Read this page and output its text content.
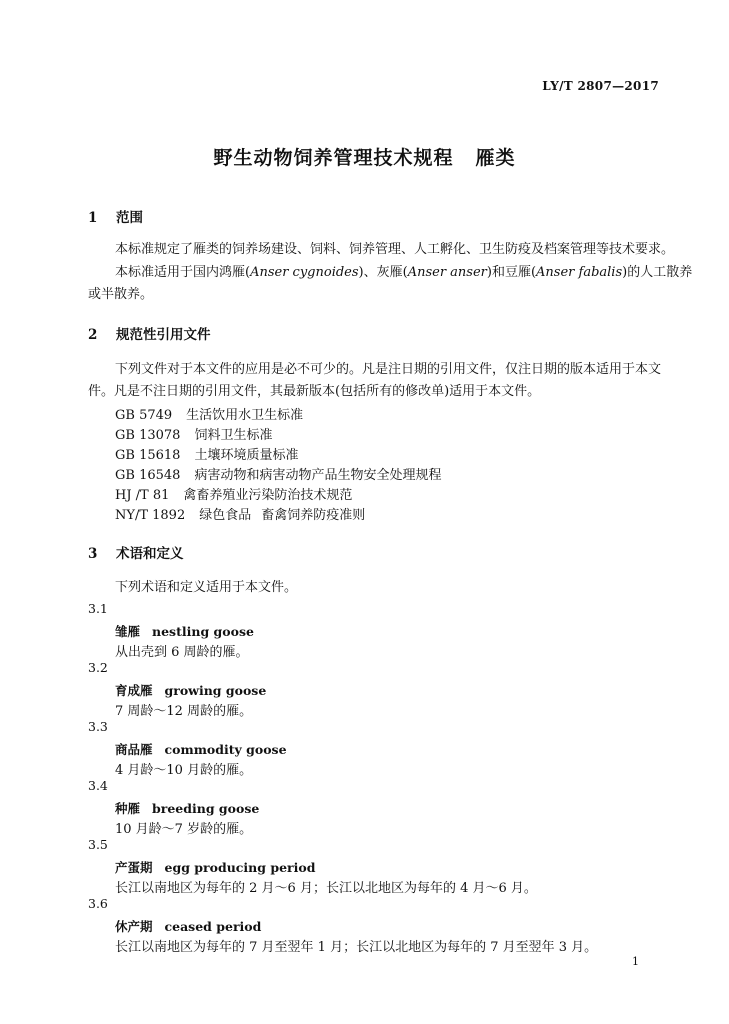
LY/T 2807—2017
野生动物饲养管理技术规程 雁类
1 范围
本标准规定了雁类的饲养场建设、饲料、饲养管理、人工孵化、卫生防疫及档案管理等技术要求。
本标准适用于国内鸿雁(Anser cygnoides)、灰雁(Anser anser)和豆雁(Anser fabalis)的人工散养
或半散养。
2 规范性引用文件
下列文件对于本文件的应用是必不可少的。凡是注日期的引用文件，仅注日期的版本适用于本文
件。凡是不注日期的引用文件，其最新版本(包括所有的修改单)适用于本文件。
GB 5749 生活饮用水卫生标准
GB 13078 饲料卫生标准
GB 15618 土壤环境质量标准
GB 16548 病害动物和病害动物产品生物安全处理规程
HJ /T 81 禽畜养殖业污染防治技术规范
NY/T 1892 绿色食品 畜禽饲养防疫准则
3 术语和定义
下列术语和定义适用于本文件。
3.1
雏雁 nestling goose
从出壳到 6 周龄的雁。
3.2
育成雁 growing goose
7 周龄～12 周龄的雁。
3.3
商品雁 commodity goose
4 月龄～10 月龄的雁。
3.4
种雁 breeding goose
10 月龄～7 岁龄的雁。
3.5
产蛋期 egg producing period
长江以南地区为每年的 2 月～6 月；长江以北地区为每年的 4 月～6 月。
3.6
休产期 ceased period
长江以南地区为每年的 7 月至翌年 1 月；长江以北地区为每年的 7 月至翌年 3 月。
1
